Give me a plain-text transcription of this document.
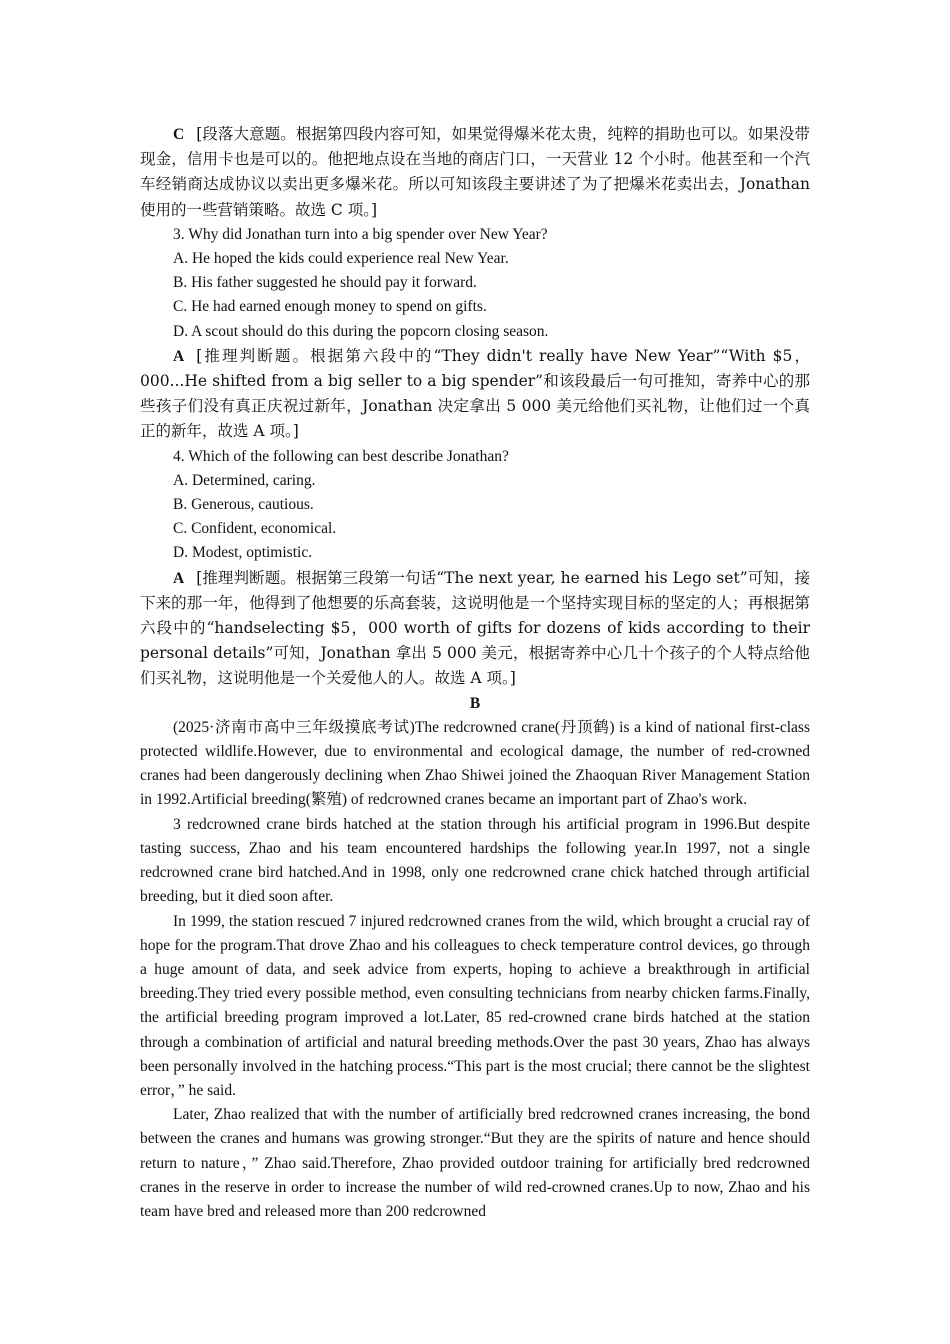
C [段落大意题。根据第四段内容可知，如果觉得爆米花太贵，纯粹的捐助也可以。如果没带现金，信用卡也是可以的。他把地点设在当地的商店门口，一天营业 12 个小时。他甚至和一个汽车经销商达成协议以卖出更多爆米花。所以可知该段主要讲述了为了把爆米花卖出去，Jonathan 使用的一些营销策略。故选 C 项。]

3. Why did Jonathan turn into a big spender over New Year?

A. He hoped the kids could experience real New Year.

B. His father suggested he should pay it forward.

C. He had earned enough money to spend on gifts.

D. A scout should do this during the popcorn closing season.

A [推理判断题。根据第六段中的“They didn't really have New Year”“With $5，000...He shifted from a big seller to a big spender”和该段最后一句可推知，寄养中心的那些孩子们没有真正庆祝过新年，Jonathan 决定拿出 5 000 美元给他们买礼物，让他们过一个真正的新年，故选 A 项。]

4. Which of the following can best describe Jonathan?

A. Determined, caring.

B. Generous, cautious.

C. Confident, economical.

D. Modest, optimistic.

A [推理判断题。根据第三段第一句话“The next year, he earned his Lego set”可知，接下来的那一年，他得到了他想要的乐高套装，这说明他是一个坚持实现目标的坚定的人；再根据第六段中的“handselecting $5，000 worth of gifts for dozens of kids according to their personal details”可知，Jonathan 拿出 5 000 美元，根据寄养中心几十个孩子的个人特点给他们买礼物，这说明他是一个关爱他人的人。故选 A 项。]

B

(2025·济南市高中三年级摸底考试)The redcrowned crane(丹顶鹤) is a kind of national first-class protected wildlife.However, due to environmental and ecological damage, the number of red-crowned cranes had been dangerously declining when Zhao Shiwei joined the Zhaoquan River Management Station in 1992.Artificial breeding(繁殖) of redcrowned cranes became an important part of Zhao's work.

3 redcrowned crane birds hatched at the station through his artificial program in 1996.But despite tasting success, Zhao and his team encountered hardships the following year.In 1997, not a single redcrowned crane bird hatched.And in 1998, only one redcrowned crane chick hatched through artificial breeding, but it died soon after.

In 1999, the station rescued 7 injured redcrowned cranes from the wild, which brought a crucial ray of hope for the program.That drove Zhao and his colleagues to check temperature control devices, go through a huge amount of data, and seek advice from experts, hoping to achieve a breakthrough in artificial breeding.They tried every possible method, even consulting technicians from nearby chicken farms.Finally, the artificial breeding program improved a lot.Later, 85 red-crowned crane birds hatched at the station through a combination of artificial and natural breeding methods.Over the past 30 years, Zhao has always been personally involved in the hatching process.“This part is the most crucial; there cannot be the slightest error，” he said.

Later, Zhao realized that with the number of artificially bred redcrowned cranes increasing, the bond between the cranes and humans was growing stronger.“But they are the spirits of nature and hence should return to nature，” Zhao said.Therefore, Zhao provided outdoor training for artificially bred redcrowned cranes in the reserve in order to increase the number of wild red-crowned cranes.Up to now, Zhao and his team have bred and released more than 200 redcrowned
